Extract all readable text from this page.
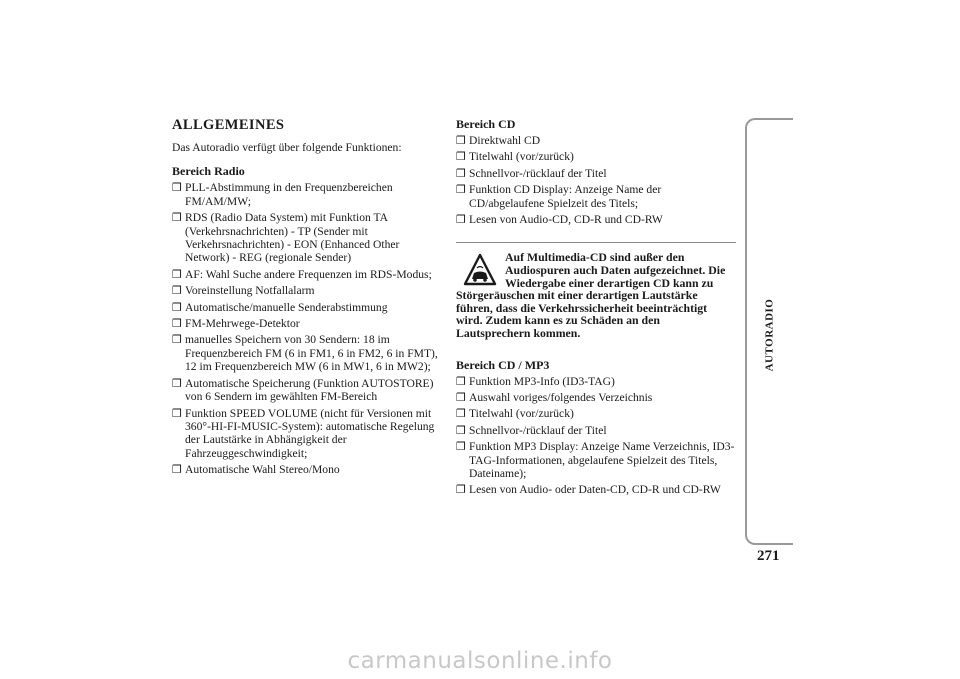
ALLGEMEINES

Das Autoradio verfügt über folgende Funktionen:

Bereich Radio
❒ PLL-Abstimmung in den Frequenzbereichen FM/AM/MW;
❒ RDS (Radio Data System) mit Funktion TA (Verkehrsnachrichten) - TP (Sender mit Verkehrsnachrichten) - EON (Enhanced Other Network) - REG (regionale Sender)
❒ AF: Wahl Suche andere Frequenzen im RDS-Modus;
❒ Voreinstellung Notfallalarm
❒ Automatische/manuelle Senderabstimmung
❒ FM-Mehrwege-Detektor
❒ manuelles Speichern von 30 Sendern: 18 im Frequenzbereich FM (6 in FM1, 6 in FM2, 6 in FMT), 12 im Frequenzbereich MW (6 in MW1, 6 in MW2);
❒ Automatische Speicherung (Funktion AUTOSTORE) von 6 Sendern im gewählten FM-Bereich
❒ Funktion SPEED VOLUME (nicht für Versionen mit 360°-HI-FI-MUSIC-System): automatische Regelung der Lautstärke in Abhängigkeit der Fahrzeuggeschwindigkeit;
❒ Automatische Wahl Stereo/Mono
Bereich CD
❒ Direktwahl CD
❒ Titelwahl (vor/zurück)
❒ Schnellvor-/rücklauf der Titel
❒ Funktion CD Display: Anzeige Name der CD/abgelaufene Spielzeit des Titels;
❒ Lesen von Audio-CD, CD-R und CD-RW
Auf Multimedia-CD sind außer den Audiospuren auch Daten aufgezeichnet. Die Wiedergabe einer derartigen CD kann zu Störgeräuschen mit einer derartigen Lautstärke führen, dass die Verkehrssicherheit beeinträchtigt wird. Zudem kann es zu Schäden an den Lautsprechern kommen.
Bereich CD / MP3
❒ Funktion MP3-Info (ID3-TAG)
❒ Auswahl voriges/folgendes Verzeichnis
❒ Titelwahl (vor/zurück)
❒ Schnellvor-/rücklauf der Titel
❒ Funktion MP3 Display: Anzeige Name Verzeichnis, ID3-TAG-Informationen, abgelaufene Spielzeit des Titels, Dateiname);
❒ Lesen von Audio- oder Daten-CD, CD-R und CD-RW
AUTORADIO
271
carmanualsonline.info
